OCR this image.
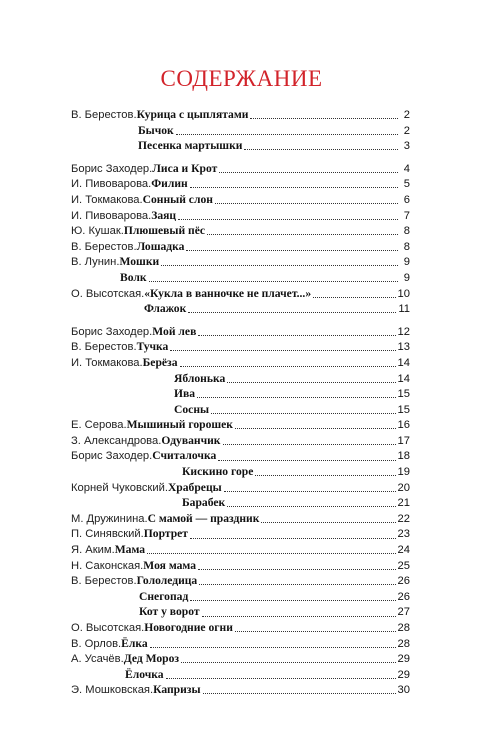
СОДЕРЖАНИЕ
В. Берестов. Курица с цыплятами	2
Бычок	2
Песенка мартышки	3
Борис Заходер. Лиса и Крот	4
И. Пивоварова. Филин	5
И. Токмакова. Сонный слон	6
И. Пивоварова. Заяц	7
Ю. Кушак. Плюшевый пёс	8
В. Берестов. Лошадка	8
В. Лунин. Мошки	9
Волк	9
О. Высотская. «Кукла в ванночке не плачет...»	10
Флажок	11
Борис Заходер. Мой лев	12
В. Берестов. Тучка	13
И. Токмакова. Берёза	14
Яблонька	14
Ива	15
Сосны	15
Е. Серова. Мышиный горошек	16
З. Александрова. Одуванчик	17
Борис Заходер. Считалочка	18
Кискино горе	19
Корней Чуковский. Храбрецы	20
Барабек	21
М. Дружинина. С мамой — праздник	22
П. Синявский. Портрет	23
Я. Аким. Мама	24
Н. Саконская. Моя мама	25
В. Берестов. Гололедица	26
Снегопад	26
Кот у ворот	27
О. Высотская. Новогодние огни	28
В. Орлов. Ёлка	28
А. Усачёв. Дед Мороз	29
Ёлочка	29
Э. Мошковская. Капризы	30
